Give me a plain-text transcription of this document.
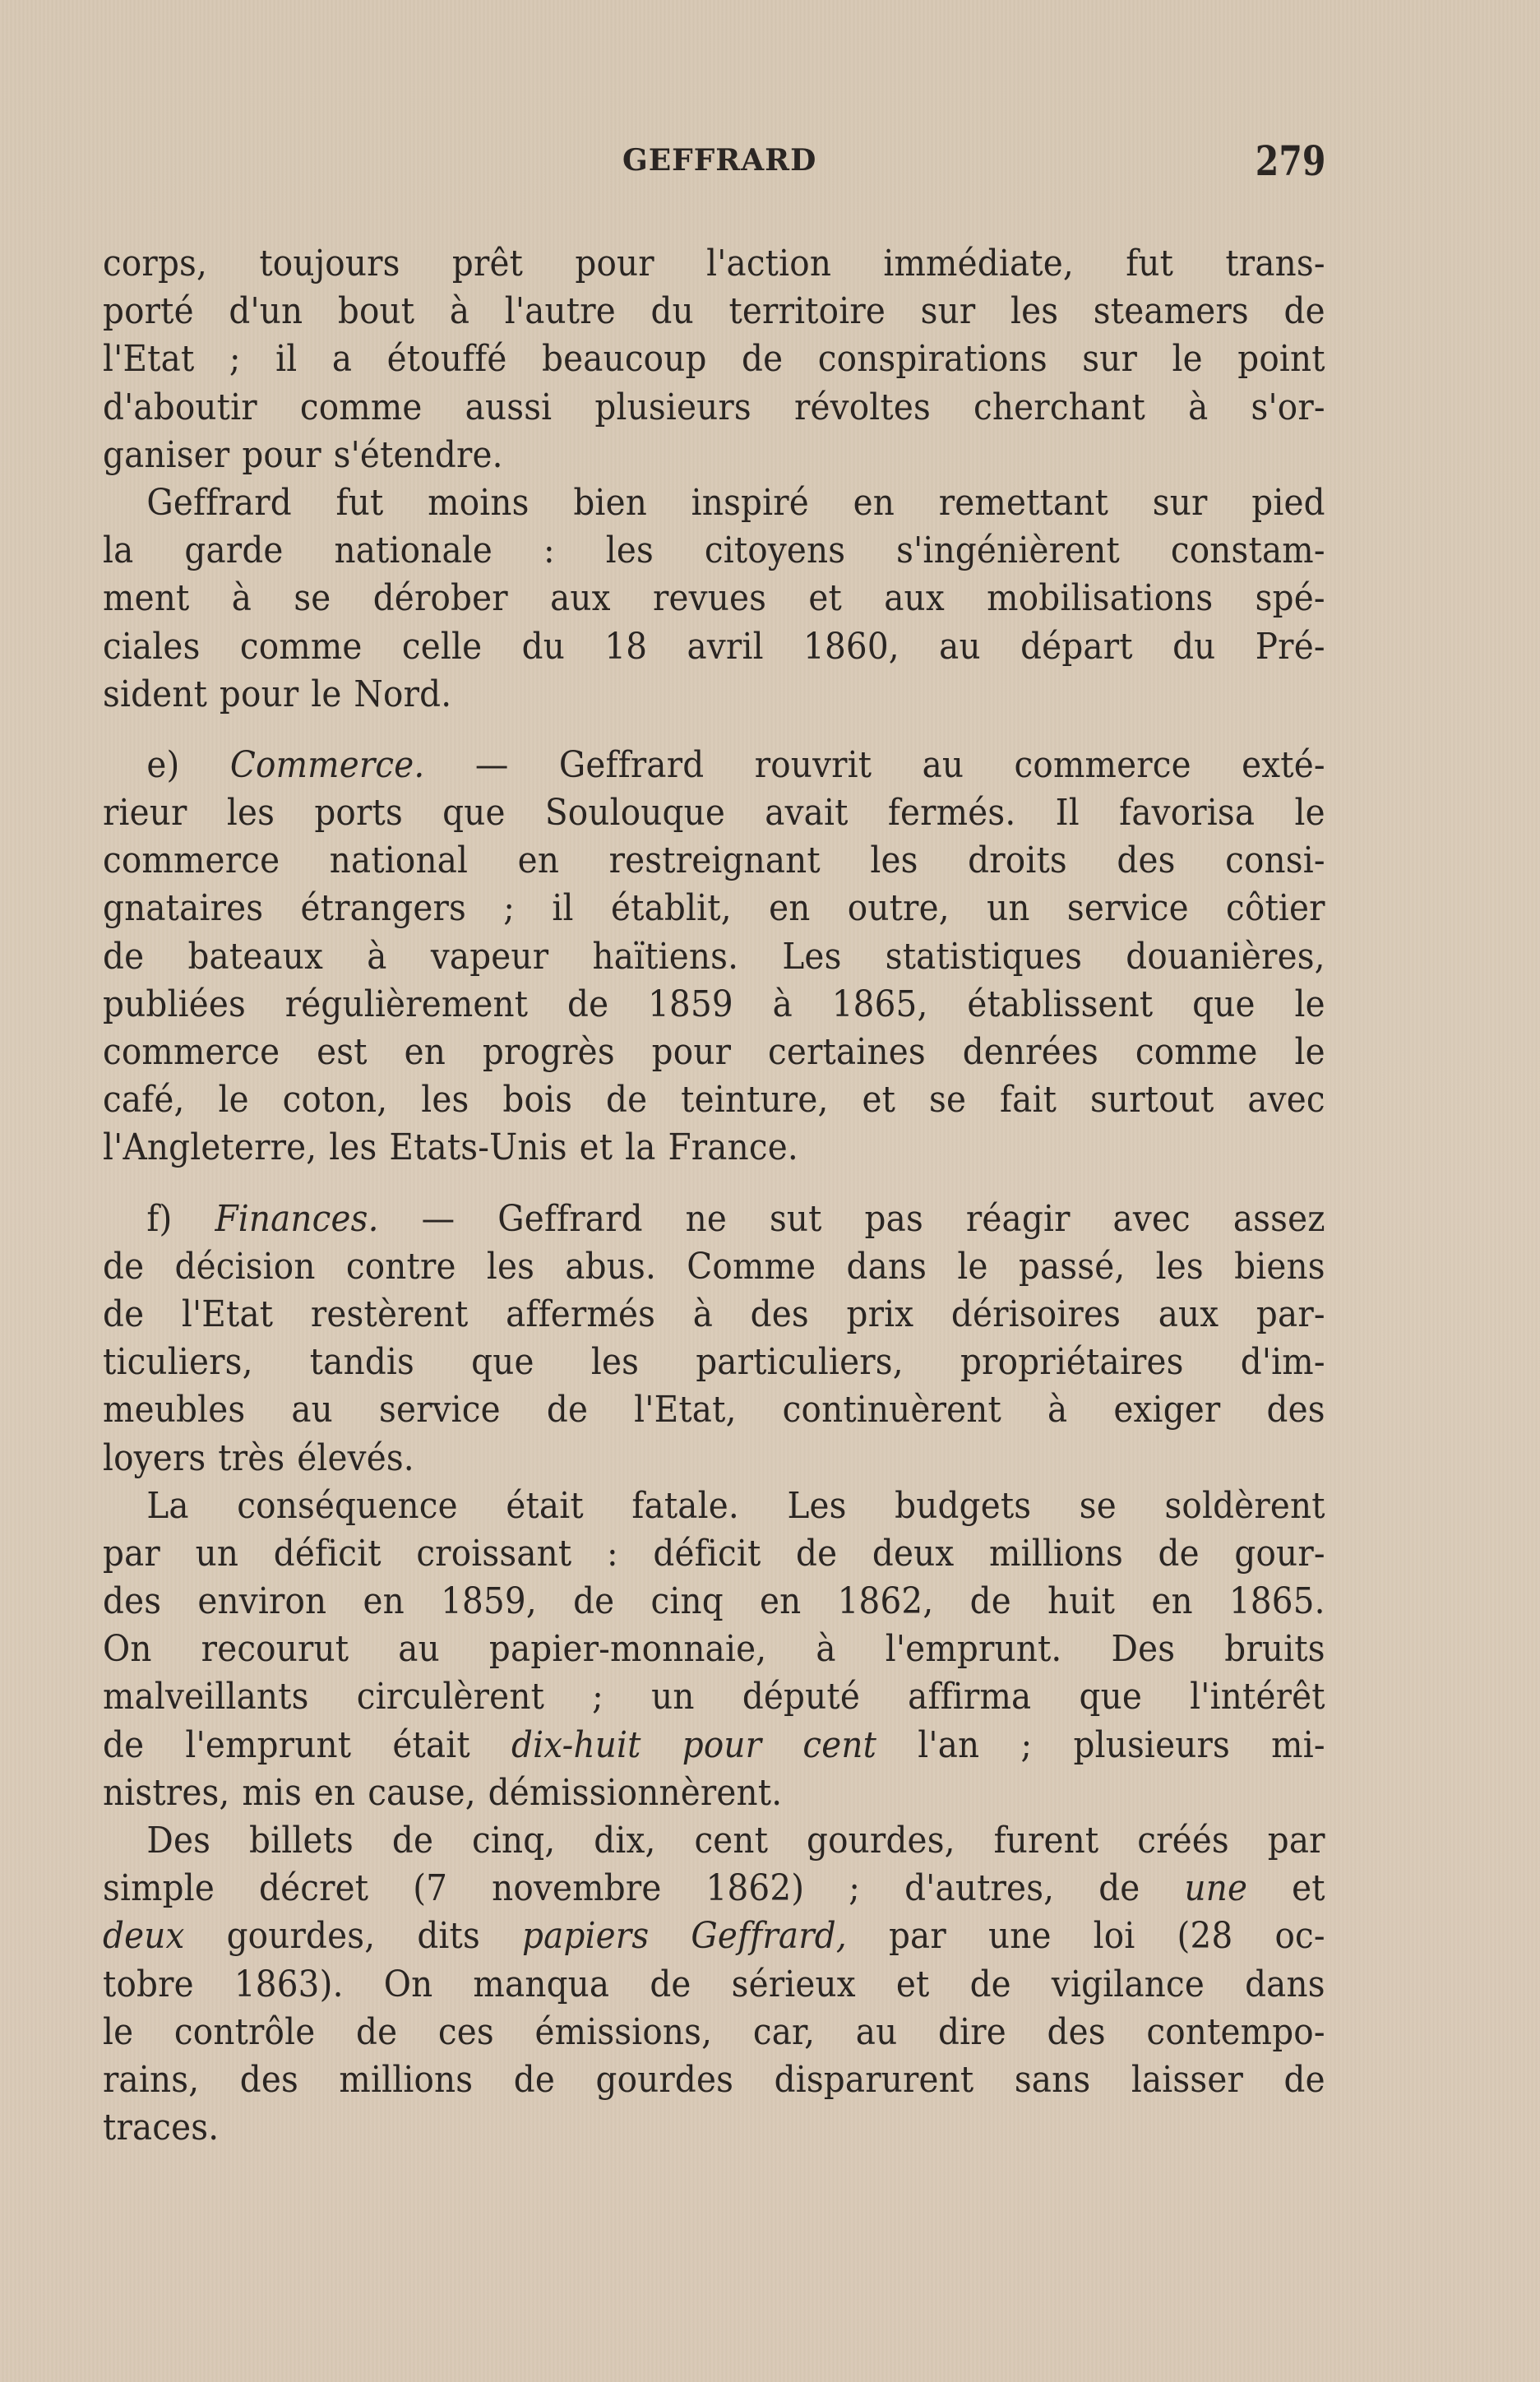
GEFFRARD	279
corps, toujours prêt pour l'action immédiate, fut trans-
porté d'un bout à l'autre du territoire sur les steamers de
l'Etat ; il a étouffé beaucoup de conspirations sur le point
d'aboutir comme aussi plusieurs révoltes cherchant à s'or-
ganiser pour s'étendre.
Geffrard fut moins bien inspiré en remettant sur pied
la garde nationale : les citoyens s'ingénièrent constam-
ment à se dérober aux revues et aux mobilisations spé-
ciales comme celle du 18 avril 1860, au départ du Pré-
sident pour le Nord.
e) Commerce. — Geffrard rouvrit au commerce exté-
rieur les ports que Soulouque avait fermés. Il favorisa le
commerce national en restreignant les droits des consi-
gnataires étrangers ; il établit, en outre, un service côtier
de bateaux à vapeur haïtiens. Les statistiques douanières,
publiées régulièrement de 1859 à 1865, établissent que le
commerce est en progrès pour certaines denrées comme le
café, le coton, les bois de teinture, et se fait surtout avec
l'Angleterre, les Etats-Unis et la France.
f) Finances. — Geffrard ne sut pas réagir avec assez
de décision contre les abus. Comme dans le passé, les biens
de l'Etat restèrent affermés à des prix dérisoires aux par-
ticuliers, tandis que les particuliers, propriétaires d'im-
meubles au service de l'Etat, continuèrent à exiger des
loyers très élevés.
La conséquence était fatale. Les budgets se soldèrent
par un déficit croissant : déficit de deux millions de gour-
des environ en 1859, de cinq en 1862, de huit en 1865.
On recourut au papier-monnaie, à l'emprunt. Des bruits
malveillants circulèrent ; un député affirma que l'intérêt
de l'emprunt était dix-huit pour cent l'an ; plusieurs mi-
nistres, mis en cause, démissionnèrent.
Des billets de cinq, dix, cent gourdes, furent créés par
simple décret (7 novembre 1862) ; d'autres, de une et
deux gourdes, dits papiers Geffrard, par une loi (28 oc-
tobre 1863). On manqua de sérieux et de vigilance dans
le contrôle de ces émissions, car, au dire des contempo-
rains, des millions de gourdes disparurent sans laisser de
traces.
